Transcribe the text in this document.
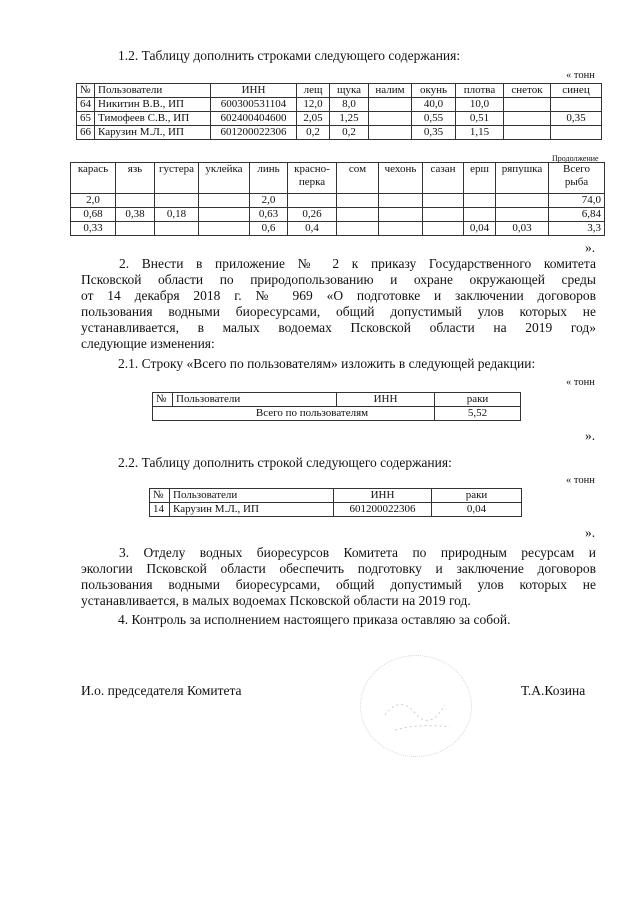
1.2. Таблицу дополнить строками следующего содержания:
« тонн
№	Пользователи	ИНН	лещ	щука	налим	окунь	плотва	снеток	синец
64	Никитин В.В., ИП	600300531104	12,0	8,0		40,0	10,0		
65	Тимофеев С.В., ИП	602400404600	2,05	1,25		0,55	0,51		0,35
66	Карузин М.Л., ИП	601200022306	0,2	0,2		0,35	1,15		
Продолжение
карась	язь	густера	уклейка	линь	красно-
перка	сом	чехонь	сазан	ерш	ряпушка	Всего
рыба
2,0				2,0							74,0
0,68	0,38	0,18		0,63	0,26						6,84
0,33				0,6	0,4				0,04	0,03	3,3
».
2. Внести в приложение № 2 к приказу Государственного комитета
Псковской области по природопользованию и охране окружающей среды
от 14 декабря 2018 г. № 969 «О подготовке и заключении договоров
пользования водными биоресурсами, общий допустимый улов которых не
устанавливается, в малых водоемах Псковской области на 2019 год»
следующие изменения:
2.1. Строку «Всего по пользователям» изложить в следующей редакции:
« тонн
№	Пользователи	ИНН	раки
Всего по пользователям			5,52
».
2.2. Таблицу дополнить строкой следующего содержания:
« тонн
№	Пользователи	ИНН	раки
14	Карузин М.Л., ИП	601200022306	0,04
».
3. Отделу водных биоресурсов Комитета по природным ресурсам и
экологии Псковской области обеспечить подготовку и заключение договоров
пользования водными биоресурсами, общий допустимый улов которых не
устанавливается, в малых водоемах Псковской области на 2019 год.
4. Контроль за исполнением настоящего приказа оставляю за собой.
И.о. председателя Комитета	Т.А.Козина
